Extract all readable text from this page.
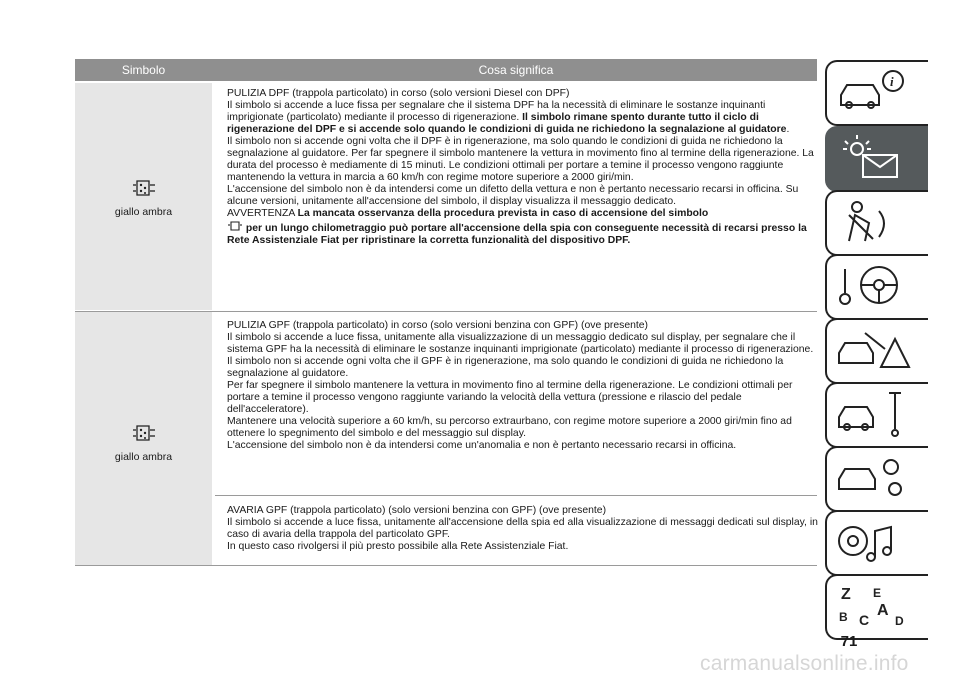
Simbolo	Cosa significa
giallo ambra

PULIZIA DPF (trappola particolato) in corso (solo versioni Diesel con DPF)

Il simbolo si accende a luce fissa per segnalare che il sistema DPF ha la necessità di eliminare le sostanze inquinanti imprigionate (particolato) mediante il processo di rigenerazione. Il simbolo rimane spento durante tutto il ciclo di rigenerazione del DPF e si accende solo quando le condizioni di guida ne richiedono la segnalazione al guidatore.

Il simbolo non si accende ogni volta che il DPF è in rigenerazione, ma solo quando le condizioni di guida ne richiedono la segnalazione al guidatore. Per far spegnere il simbolo mantenere la vettura in movimento fino al termine della rigenerazione. La durata del processo è mediamente di 15 minuti. Le condizioni ottimali per portare a temine il processo vengono raggiunte mantenendo la vettura in marcia a 60 km/h con regime motore superiore a 2000 giri/min.

L'accensione del simbolo non è da intendersi come un difetto della vettura e non è pertanto necessario recarsi in officina. Su alcune versioni, unitamente all'accensione del simbolo, il display visualizza il messaggio dedicato.

AVVERTENZA La mancata osservanza della procedura prevista in caso di accensione del simbolo
per un lungo chilometraggio può portare all'accensione della spia con conseguente necessità di recarsi presso la Rete Assistenziale Fiat per ripristinare la corretta funzionalità del dispositivo DPF.

giallo ambra

PULIZIA GPF (trappola particolato) in corso (solo versioni benzina con GPF) (ove presente)

Il simbolo si accende a luce fissa, unitamente alla visualizzazione di un messaggio dedicato sul display, per segnalare che il sistema GPF ha la necessità di eliminare le sostanze inquinanti imprigionate (particolato) mediante il processo di rigenerazione.

Il simbolo non si accende ogni volta che il GPF è in rigenerazione, ma solo quando le condizioni di guida ne richiedono la segnalazione al guidatore.

Per far spegnere il simbolo mantenere la vettura in movimento fino al termine della rigenerazione. Le condizioni ottimali per portare a temine il processo vengono raggiunte variando la velocità della vettura (pressione e rilascio del pedale dell'acceleratore).

Mantenere una velocità superiore a 60 km/h, su percorso extraurbano, con regime motore superiore a 2000 giri/min fino ad ottenere lo spegnimento del simbolo e del messaggio sul display.

L'accensione del simbolo non è da intendersi come un'anomalia e non è pertanto necessario recarsi in officina.

AVARIA GPF (trappola particolato) (solo versioni benzina con GPF) (ove presente)

Il simbolo si accende a luce fissa, unitamente all'accensione della spia ed alla visualizzazione di messaggi dedicati sul display, in caso di avaria della trappola del particolato GPF.

In questo caso rivolgersi il più presto possibile alla Rete Assistenziale Fiat.

i
Z E
B C
A
D
71
carmanualsonline.info
